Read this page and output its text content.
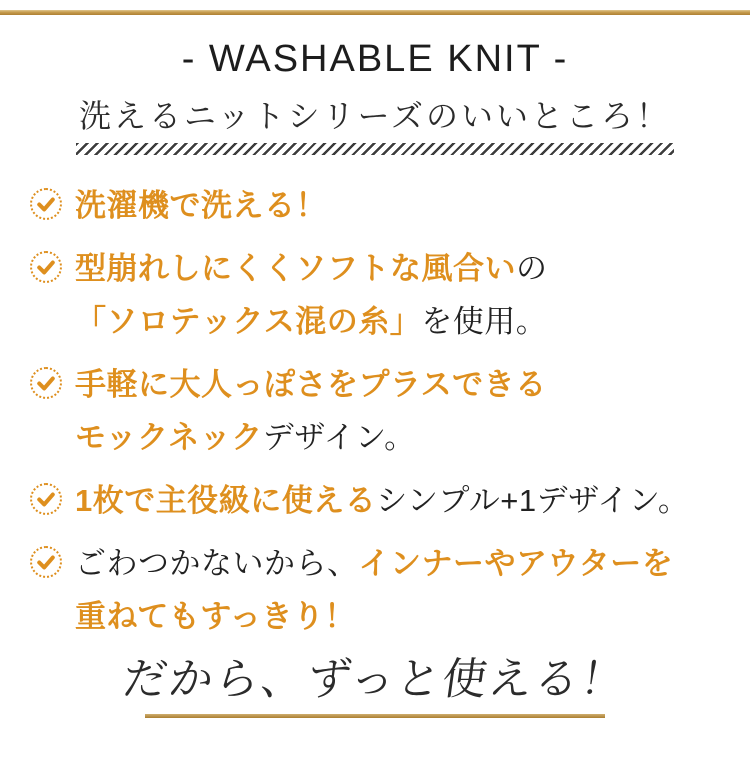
- WASHABLE KNIT -
洗えるニットシリーズのいいところ！
洗濯機で洗える！
型崩れしにくくソフトな風合いの
「ソロテックス混の糸」を使用。
手軽に大人っぽさをプラスできる
モックネックデザイン。
1枚で主役級に使えるシンプル+1デザイン。
ごわつかないから、インナーやアウターを
重ねてもすっきり！
だから、ずっと使える！
